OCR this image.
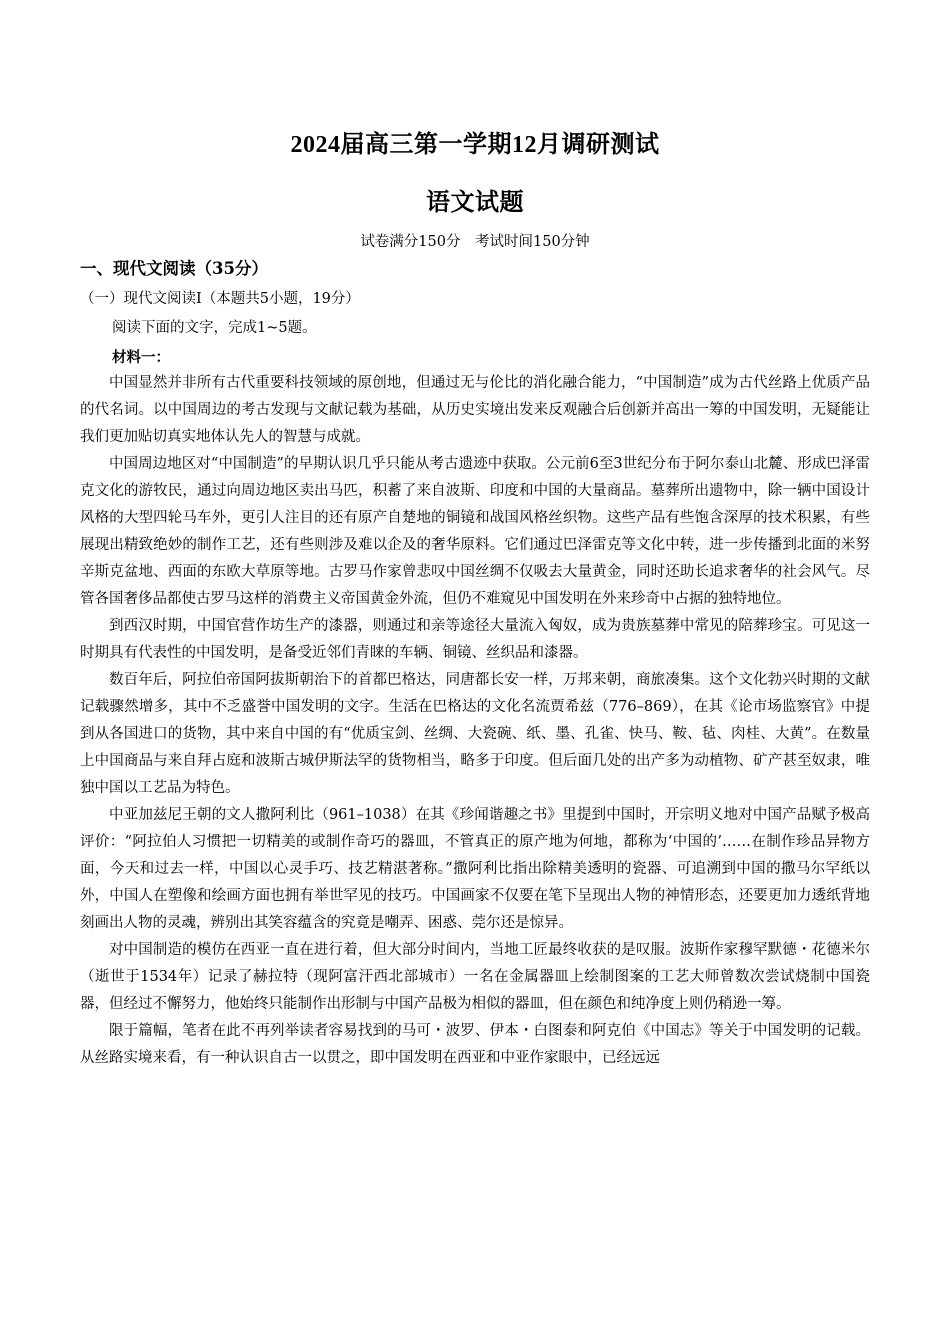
2024届高三第一学期12月调研测试
语文试题
试卷满分150分　考试时间150分钟
一、现代文阅读（35分）
（一）现代文阅读Ⅰ（本题共5小题，19分）
阅读下面的文字，完成1~5题。
材料一：

中国显然并非所有古代重要科技领域的原创地，但通过无与伦比的消化融合能力，“中国制造”成为古代丝路上优质产品的代名词。以中国周边的考古发现与文献记载为基础，从历史实境出发来反观融合后创新并高出一筹的中国发明，无疑能让我们更加贴切真实地体认先人的智慧与成就。

中国周边地区对“中国制造”的早期认识几乎只能从考古遗迹中获取。公元前6至3世纪分布于阿尔泰山北麓、形成巴泽雷克文化的游牧民，通过向周边地区卖出马匹，积蓄了来自波斯、印度和中国的大量商品。墓葬所出遗物中，除一辆中国设计风格的大型四轮马车外，更引人注目的还有原产自楚地的铜镜和战国风格丝织物。这些产品有些饱含深厚的技术积累，有些展现出精致绝妙的制作工艺，还有些则涉及难以企及的奢华原料。它们通过巴泽雷克等文化中转，进一步传播到北面的米努辛斯克盆地、西面的东欧大草原等地。古罗马作家曾悲叹中国丝绸不仅吸去大量黄金，同时还助长追求奢华的社会风气。尽管各国奢侈品都使古罗马这样的消费主义帝国黄金外流，但仍不难窥见中国发明在外来珍奇中占据的独特地位。

到西汉时期，中国官营作坊生产的漆器，则通过和亲等途径大量流入匈奴，成为贵族墓葬中常见的陪葬珍宝。可见这一时期具有代表性的中国发明，是备受近邻们青睐的车辆、铜镜、丝织品和漆器。

数百年后，阿拉伯帝国阿拔斯朝治下的首都巴格达，同唐都长安一样，万邦来朝，商旅凑集。这个文化勃兴时期的文献记载骤然增多，其中不乏盛誉中国发明的文字。生活在巴格达的文化名流贾希兹（776–869），在其《论市场监察官》中提到从各国进口的货物，其中来自中国的有“优质宝剑、丝绸、大瓷碗、纸、墨、孔雀、快马、鞍、毡、肉桂、大黄”。在数量上中国商品与来自拜占庭和波斯古城伊斯法罕的货物相当，略多于印度。但后面几处的出产多为动植物、矿产甚至奴隶，唯独中国以工艺品为特色。

中亚加兹尼王朝的文人撒阿利比（961–1038）在其《珍闻谐趣之书》里提到中国时，开宗明义地对中国产品赋予极高评价：“阿拉伯人习惯把一切精美的或制作奇巧的器皿，不管真正的原产地为何地，都称为‘中国的’……在制作珍品异物方面，今天和过去一样，中国以心灵手巧、技艺精湛著称。”撒阿利比指出除精美透明的瓷器、可追溯到中国的撒马尔罕纸以外，中国人在塑像和绘画方面也拥有举世罕见的技巧。中国画家不仅要在笔下呈现出人物的神情形态，还要更加力透纸背地刻画出人物的灵魂，辨别出其笑容蕴含的究竟是嘲弄、困惑、莞尔还是惊异。

对中国制造的模仿在西亚一直在进行着，但大部分时间内，当地工匠最终收获的是叹服。波斯作家穆罕默德・花德米尔（逝世于1534年）记录了赫拉特（现阿富汗西北部城市）一名在金属器皿上绘制图案的工艺大师曾数次尝试烧制中国瓷器，但经过不懈努力，他始终只能制作出形制与中国产品极为相似的器皿，但在颜色和纯净度上则仍稍逊一筹。

限于篇幅，笔者在此不再列举读者容易找到的马可・波罗、伊本・白图泰和阿克伯《中国志》等关于中国发明的记载。从丝路实境来看，有一种认识自古一以贯之，即中国发明在西亚和中亚作家眼中，已经远远
